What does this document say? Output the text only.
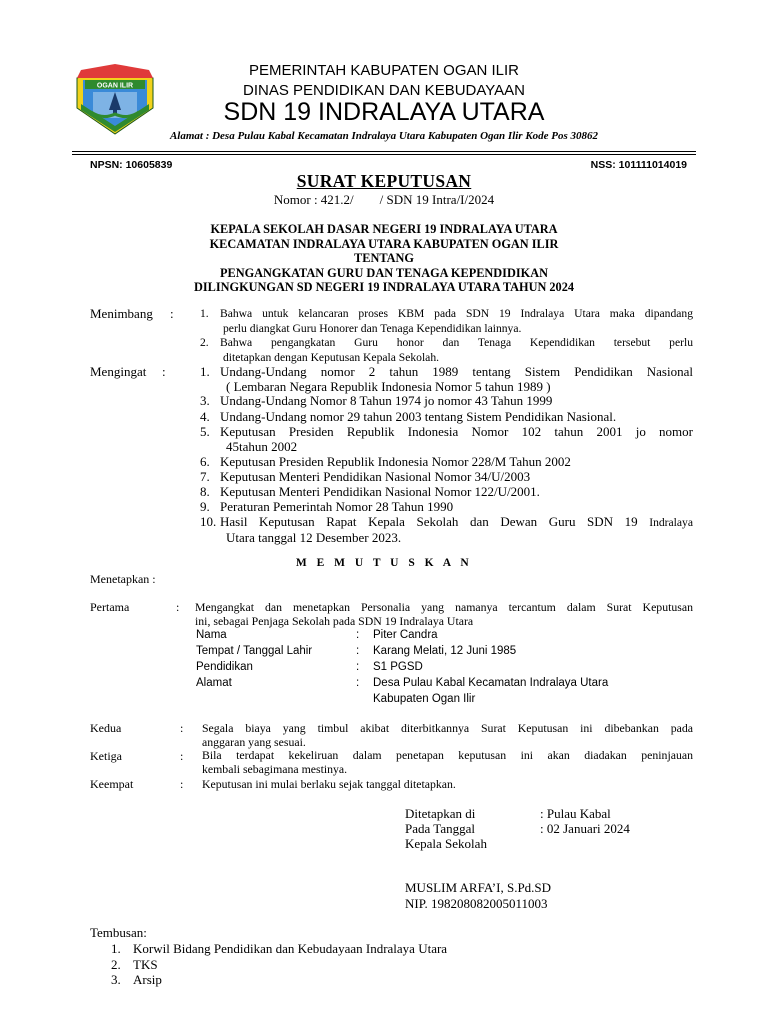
OGAN ILIR
PEMERINTAH KABUPATEN OGAN ILIR
DINAS PENDIDIKAN DAN KEBUDAYAAN
SDN 19 INDRALAYA UTARA
Alamat : Desa Pulau Kabal Kecamatan Indralaya Utara Kabupaten Ogan Ilir Kode Pos 30862
NPSN: 10605839	NSS: 101111014019
SURAT KEPUTUSAN
Nomor : 421.2/        / SDN 19 Intra/I/2024
KEPALA SEKOLAH DASAR NEGERI 19 INDRALAYA UTARA
KECAMATAN INDRALAYA UTARA KABUPATEN OGAN ILIR
TENTANG
PENGANGKATAN GURU DAN TENAGA KEPENDIDIKAN
DILINGKUNGAN SD NEGERI 19 INDRALAYA UTARA TAHUN 2024
Menimbang : 1. Bahwa untuk kelancaran proses KBM pada SDN 19 Indralaya Utara maka dipandang
perlu diangkat Guru Honorer dan Tenaga Kependidikan lainnya.
2. Bahwa pengangkatan Guru honor dan Tenaga Kependidikan tersebut perlu
ditetapkan dengan Keputusan Kepala Sekolah.
Mengingat :	1. Undang-Undang nomor 2 tahun 1989 tentang Sistem Pendidikan Nasional
( Lembaran Negara Republik Indonesia Nomor 5 tahun 1989 )
3. Undang-Undang Nomor 8 Tahun 1974 jo nomor 43 Tahun 1999
4. Undang-Undang nomor 29 tahun 2003 tentang Sistem Pendidikan Nasional.
5. Keputusan Presiden Republik Indonesia Nomor 102 tahun 2001 jo nomor
45tahun 2002
6. Keputusan Presiden Republik Indonesia Nomor 228/M Tahun 2002
7. Keputusan Menteri Pendidikan Nasional Nomor 34/U/2003
8. Keputusan Menteri Pendidikan Nasional Nomor 122/U/2001.
9. Peraturan Pemerintah Nomor 28 Tahun 1990
10. Hasil Keputusan Rapat Kepala Sekolah dan Dewan Guru SDN 19 Indralaya
Utara tanggal 12 Desember 2023.
M E M U T U S K A N
Menetapkan :
Pertama	: Mengangkat dan menetapkan Personalia yang namanya tercantum dalam Surat Keputusan
ini, sebagai Penjaga Sekolah pada SDN 19 Indralaya Utara
Nama	: Piter Candra
Tempat / Tanggal Lahir	: Karang Melati, 12 Juni 1985
Pendidikan	: S1 PGSD
Alamat	: Desa Pulau Kabal Kecamatan Indralaya Utara
Kabupaten Ogan Ilir
Kedua	: Segala biaya yang timbul akibat diterbitkannya Surat Keputusan ini dibebankan pada
anggaran yang sesuai.
Ketiga	: Bila terdapat kekeliruan dalam penetapan keputusan ini akan diadakan peninjauan
kembali sebagimana mestinya.
Keempat	: Keputusan ini mulai berlaku sejak tanggal ditetapkan.
Ditetapkan di	: Pulau Kabal
Pada Tanggal	: 02 Januari 2024
Kepala Sekolah
MUSLIM ARFA’I, S.Pd.SD
NIP. 198208082005011003
Tembusan:
1. Korwil Bidang Pendidikan dan Kebudayaan Indralaya Utara
2. TKS
3. Arsip
